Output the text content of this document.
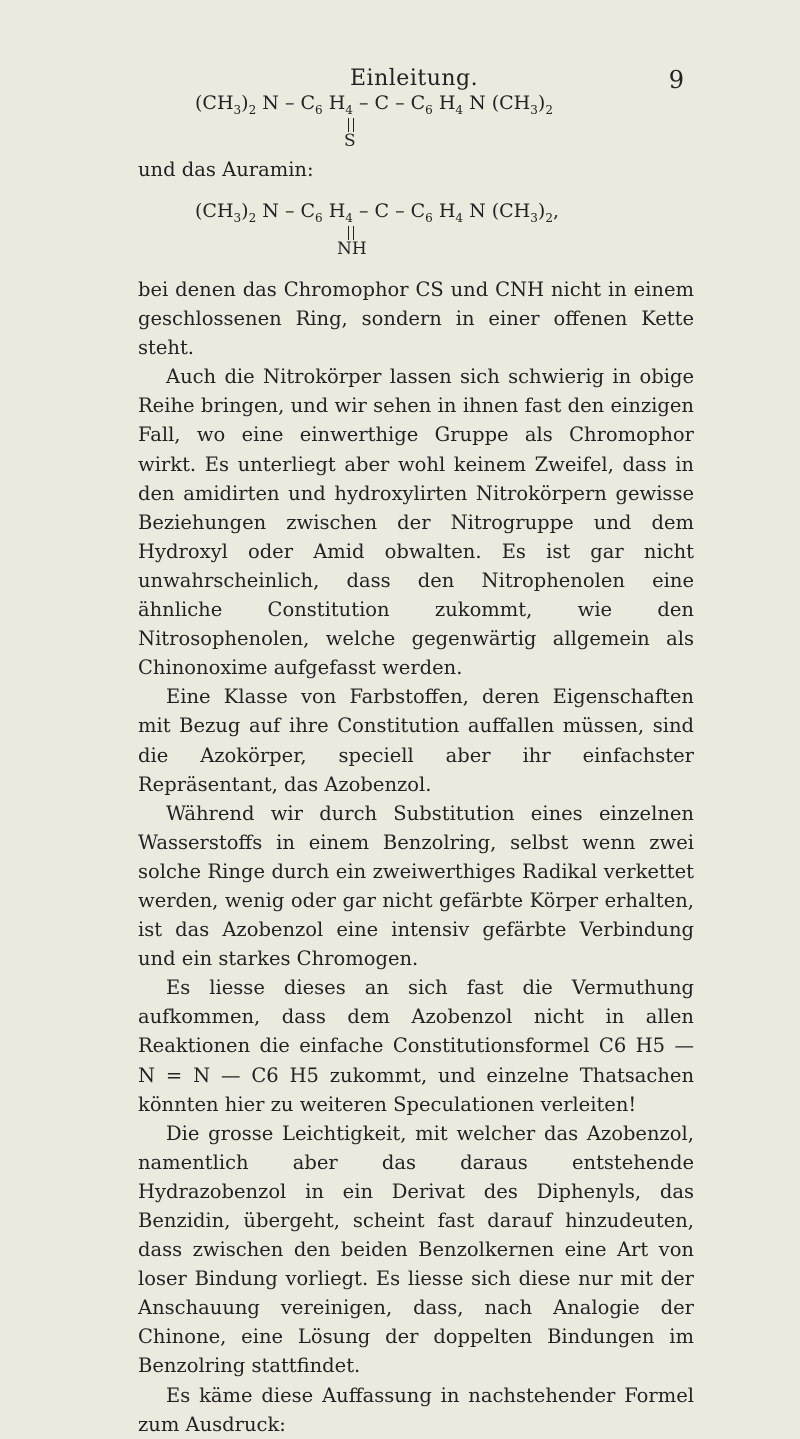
Einleitung.	9
$(CH_3)_2$ N – $C_6$ $H_4$ – C – $C_6$ $H_4$ N $(CH_3)_2$
S
und das Auramin:
$(CH_3)_2$ N – $C_6$ $H_4$ – C – $C_6$ $H_4$ N $(CH_3)_2$,
NH

bei denen das Chromophor CS und CNH nicht in einem geschlossenen Ring, sondern in einer offenen Kette steht.

Auch die Nitrokörper lassen sich schwierig in obige Reihe bringen, und wir sehen in ihnen fast den einzigen Fall, wo eine einwerthige Gruppe als Chromophor wirkt. Es unterliegt aber wohl keinem Zweifel, dass in den amidirten und hydroxylirten Nitrokörpern gewisse Beziehungen zwischen der Nitrogruppe und dem Hydroxyl oder Amid obwalten. Es ist gar nicht unwahrscheinlich, dass den Nitrophenolen eine ähnliche Constitution zukommt, wie den Nitrosophenolen, welche gegenwärtig allgemein als Chinonoxime aufgefasst werden.

Eine Klasse von Farbstoffen, deren Eigenschaften mit Bezug auf ihre Constitution auffallen müssen, sind die Azokörper, speciell aber ihr einfachster Repräsentant, das Azobenzol.

Während wir durch Substitution eines einzelnen Wasserstoffs in einem Benzolring, selbst wenn zwei solche Ringe durch ein zweiwerthiges Radikal verkettet werden, wenig oder gar nicht gefärbte Körper erhalten, ist das Azobenzol eine intensiv gefärbte Verbindung und ein starkes Chromogen.

Es liesse dieses an sich fast die Vermuthung aufkommen, dass dem Azobenzol nicht in allen Reaktionen die einfache Constitutionsformel C6 H5 — N = N — C6 H5 zukommt, und einzelne Thatsachen könnten hier zu weiteren Speculationen verleiten!

Die grosse Leichtigkeit, mit welcher das Azobenzol, namentlich aber das daraus entstehende Hydrazobenzol in ein Derivat des Diphenyls, das Benzidin, übergeht, scheint fast darauf hinzudeuten, dass zwischen den beiden Benzolkernen eine Art von loser Bindung vorliegt. Es liesse sich diese nur mit der Anschauung vereinigen, dass, nach Analogie der Chinone, eine Lösung der doppelten Bindungen im Benzolring stattfindet.

Es käme diese Auffassung in nachstehender Formel zum Ausdruck:
